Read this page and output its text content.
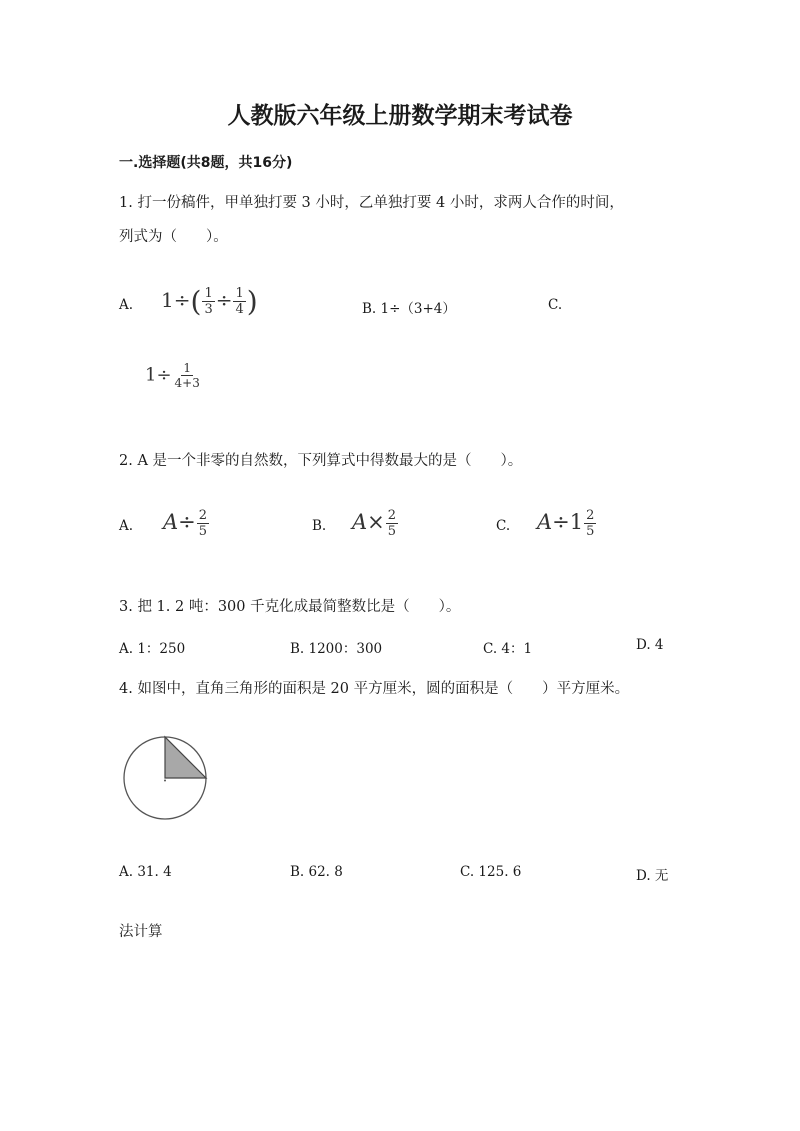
人教版六年级上册数学期末考试卷
一.选择题(共8题，共16分)
1. 打一份稿件，甲单独打要 3 小时，乙单独打要 4 小时，求两人合作的时间，
列式为（　　）。
A. $1\div( \frac{1}{3} \div \frac{1}{4}$ )	B. 1÷（3+4）	C.
$1\div \frac{1}{4+3}$
2. A 是一个非零的自然数，下列算式中得数最大的是（　　）。
A. $A\div \frac{2}{5}$	B. $A\times \frac{2}{5}$	C. $A\div 1 \frac{2}{5}$
3. 把 1. 2 吨：300 千克化成最简整数比是（　　）。
A. 1：250	B. 1200：300	C. 4：1	D. 4
4. 如图中，直角三角形的面积是 20 平方厘米，圆的面积是（　　）平方厘米。
A. 31. 4	B. 62. 8	C. 125. 6	D. 无
法计算
